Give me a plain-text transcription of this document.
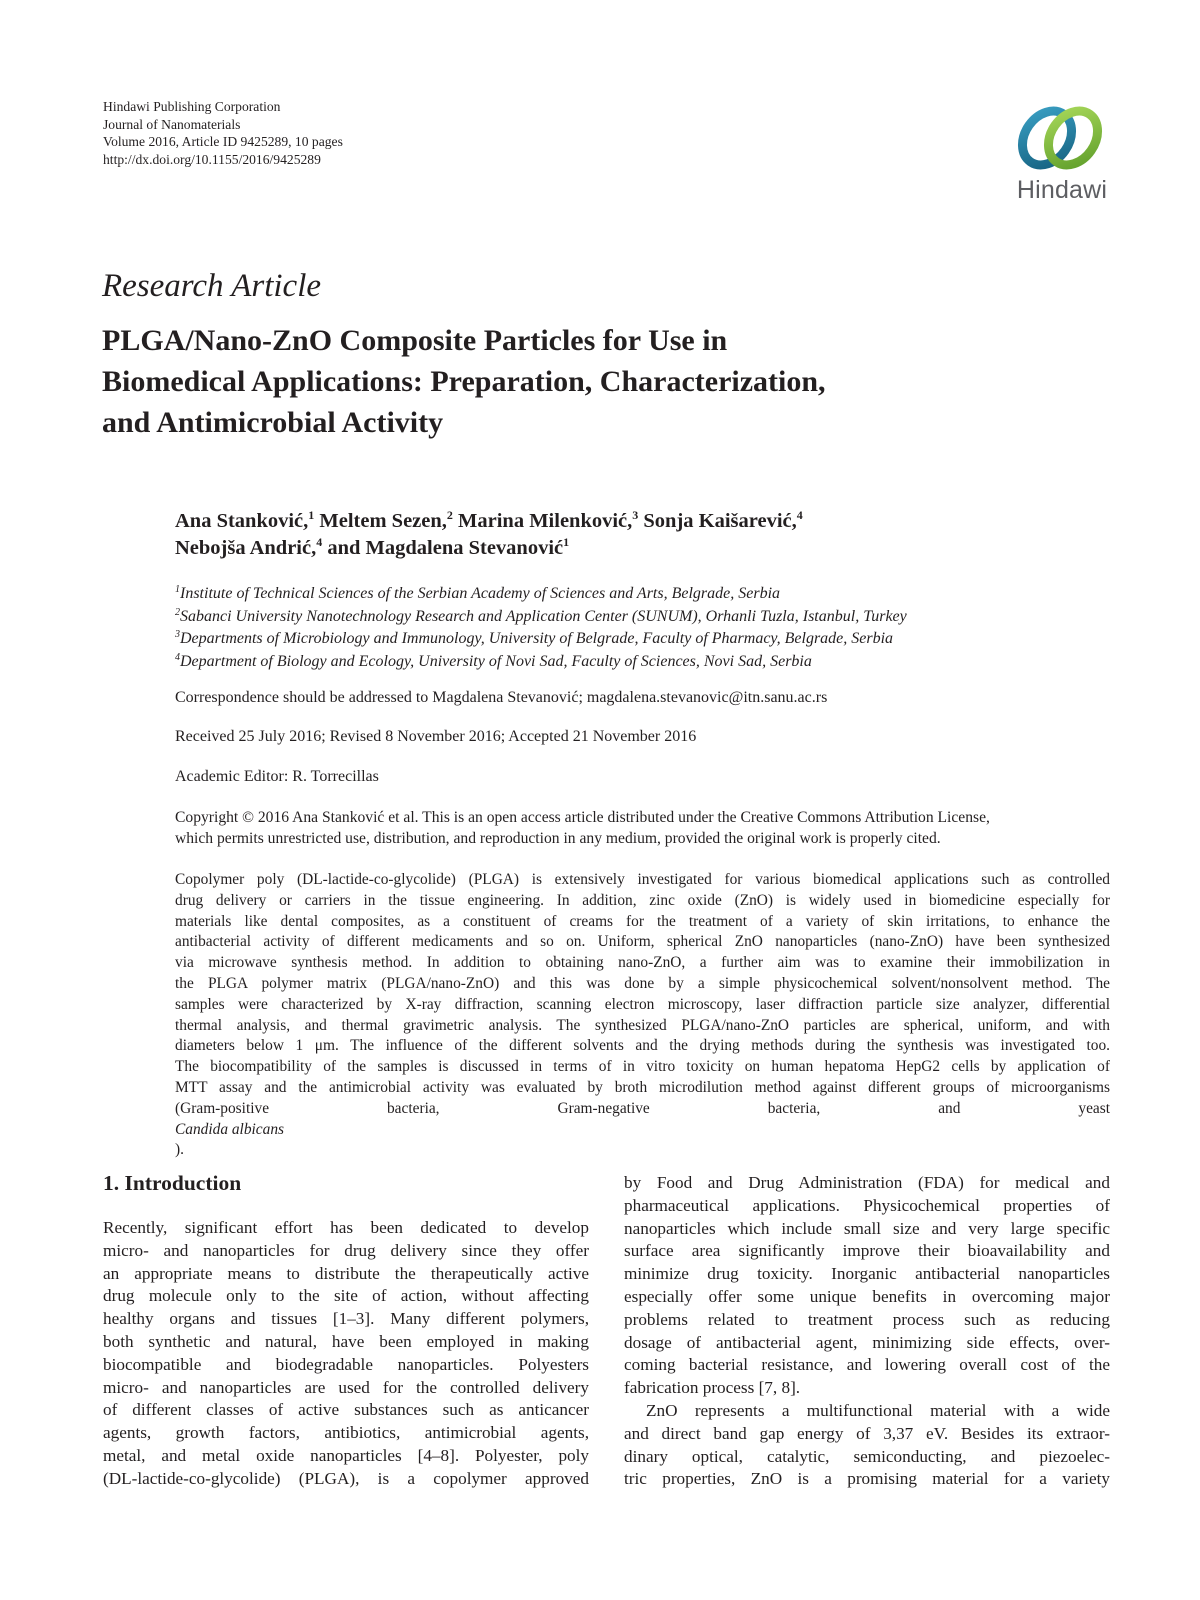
Hindawi Publishing Corporation
Journal of Nanomaterials
Volume 2016, Article ID 9425289, 10 pages
http://dx.doi.org/10.1155/2016/9425289
Hindawi
Research Article
PLGA/Nano-ZnO Composite Particles for Use in
Biomedical Applications: Preparation, Characterization,
and Antimicrobial Activity
Ana Stanković,$^1$ Meltem Sezen,$^2$ Marina Milenković,$^3$ Sonja Kaišarević,$^4$
Nebojša Andrić,$^4$ and Magdalena Stevanović$^1$
$^1$Institute of Technical Sciences of the Serbian Academy of Sciences and Arts, Belgrade, Serbia
$^2$Sabanci University Nanotechnology Research and Application Center (SUNUM), Orhanli Tuzla, Istanbul, Turkey
$^3$Departments of Microbiology and Immunology, University of Belgrade, Faculty of Pharmacy, Belgrade, Serbia
$^4$Department of Biology and Ecology, University of Novi Sad, Faculty of Sciences, Novi Sad, Serbia
Correspondence should be addressed to Magdalena Stevanović; magdalena.stevanovic@itn.sanu.ac.rs
Received 25 July 2016; Revised 8 November 2016; Accepted 21 November 2016
Academic Editor: R. Torrecillas
Copyright © 2016 Ana Stanković et al. This is an open access article distributed under the Creative Commons Attribution License,
which permits unrestricted use, distribution, and reproduction in any medium, provided the original work is properly cited.
Copolymer poly (DL-lactide-co-glycolide) (PLGA) is extensively investigated for various biomedical applications such as controlled
drug delivery or carriers in the tissue engineering. In addition, zinc oxide (ZnO) is widely used in biomedicine especially for
materials like dental composites, as a constituent of creams for the treatment of a variety of skin irritations, to enhance the
antibacterial activity of different medicaments and so on. Uniform, spherical ZnO nanoparticles (nano-ZnO) have been synthesized
via microwave synthesis method. In addition to obtaining nano-ZnO, a further aim was to examine their immobilization in
the PLGA polymer matrix (PLGA/nano-ZnO) and this was done by a simple physicochemical solvent/nonsolvent method. The
samples were characterized by X-ray diffraction, scanning electron microscopy, laser diffraction particle size analyzer, differential
thermal analysis, and thermal gravimetric analysis. The synthesized PLGA/nano-ZnO particles are spherical, uniform, and with
diameters below 1 μm. The influence of the different solvents and the drying methods during the synthesis was investigated too.
The biocompatibility of the samples is discussed in terms of in vitro toxicity on human hepatoma HepG2 cells by application of
MTT assay and the antimicrobial activity was evaluated by broth microdilution method against different groups of microorganisms
(Gram-positive bacteria, Gram-negative bacteria, and yeast
Candida albicans
).
1. Introduction
Recently, significant effort has been dedicated to develop
micro- and nanoparticles for drug delivery since they offer
an appropriate means to distribute the therapeutically active
drug molecule only to the site of action, without affecting
healthy organs and tissues [1–3]. Many different polymers,
both synthetic and natural, have been employed in making
biocompatible and biodegradable nanoparticles. Polyesters
micro- and nanoparticles are used for the controlled delivery
of different classes of active substances such as anticancer
agents, growth factors, antibiotics, antimicrobial agents,
metal, and metal oxide nanoparticles [4–8]. Polyester, poly
(DL-lactide-co-glycolide) (PLGA), is a copolymer approved
by Food and Drug Administration (FDA) for medical and
pharmaceutical applications. Physicochemical properties of
nanoparticles which include small size and very large specific
surface area significantly improve their bioavailability and
minimize drug toxicity. Inorganic antibacterial nanoparticles
especially offer some unique benefits in overcoming major
problems related to treatment process such as reducing
dosage of antibacterial agent, minimizing side effects, over-
coming bacterial resistance, and lowering overall cost of the
fabrication process [7, 8].
ZnO represents a multifunctional material with a wide
and direct band gap energy of 3,37 eV. Besides its extraor-
dinary optical, catalytic, semiconducting, and piezoelec-
tric properties, ZnO is a promising material for a variety
